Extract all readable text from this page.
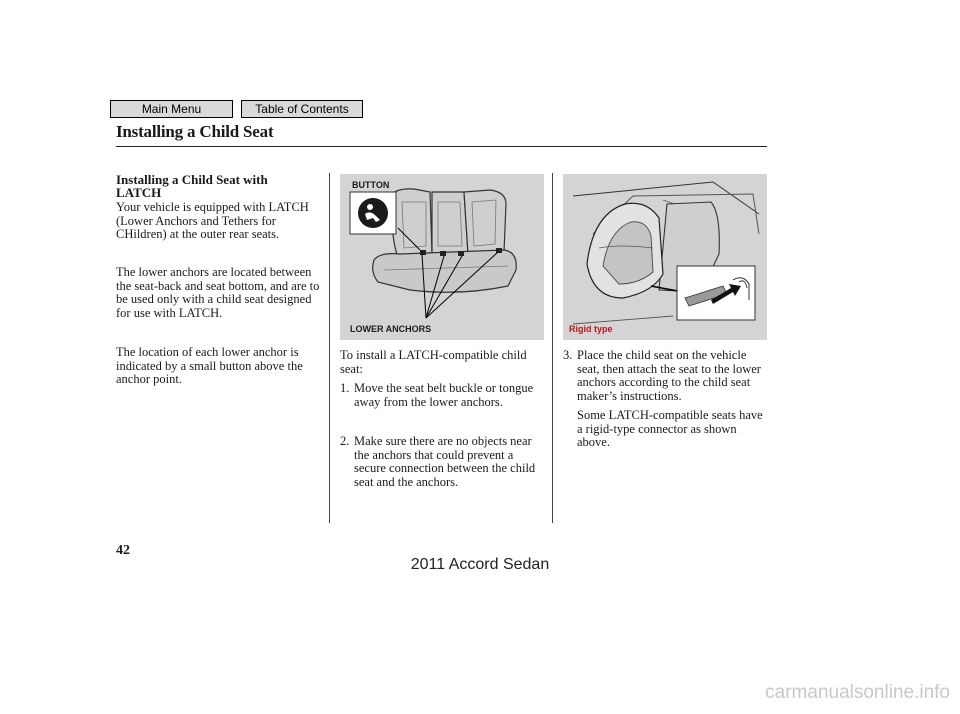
Main Menu	Table of Contents
Installing a Child Seat
Installing a Child Seat with LATCH
Your vehicle is equipped with LATCH (Lower Anchors and Tethers for CHildren) at the outer rear seats.
The lower anchors are located between the seat-back and seat bottom, and are to be used only with a child seat designed for use with LATCH.
The location of each lower anchor is indicated by a small button above the anchor point.
BUTTON
LOWER ANCHORS	Rigid type
To install a LATCH-compatible child seat:
1. Move the seat belt buckle or tongue away from the lower anchors.
2. Make sure there are no objects near the anchors that could prevent a secure connection between the child seat and the anchors.
3. Place the child seat on the vehicle seat, then attach the seat to the lower anchors according to the child seat maker’s instructions.
Some LATCH-compatible seats have a rigid-type connector as shown above.
42
2011 Accord Sedan
carmanualsonline.info
